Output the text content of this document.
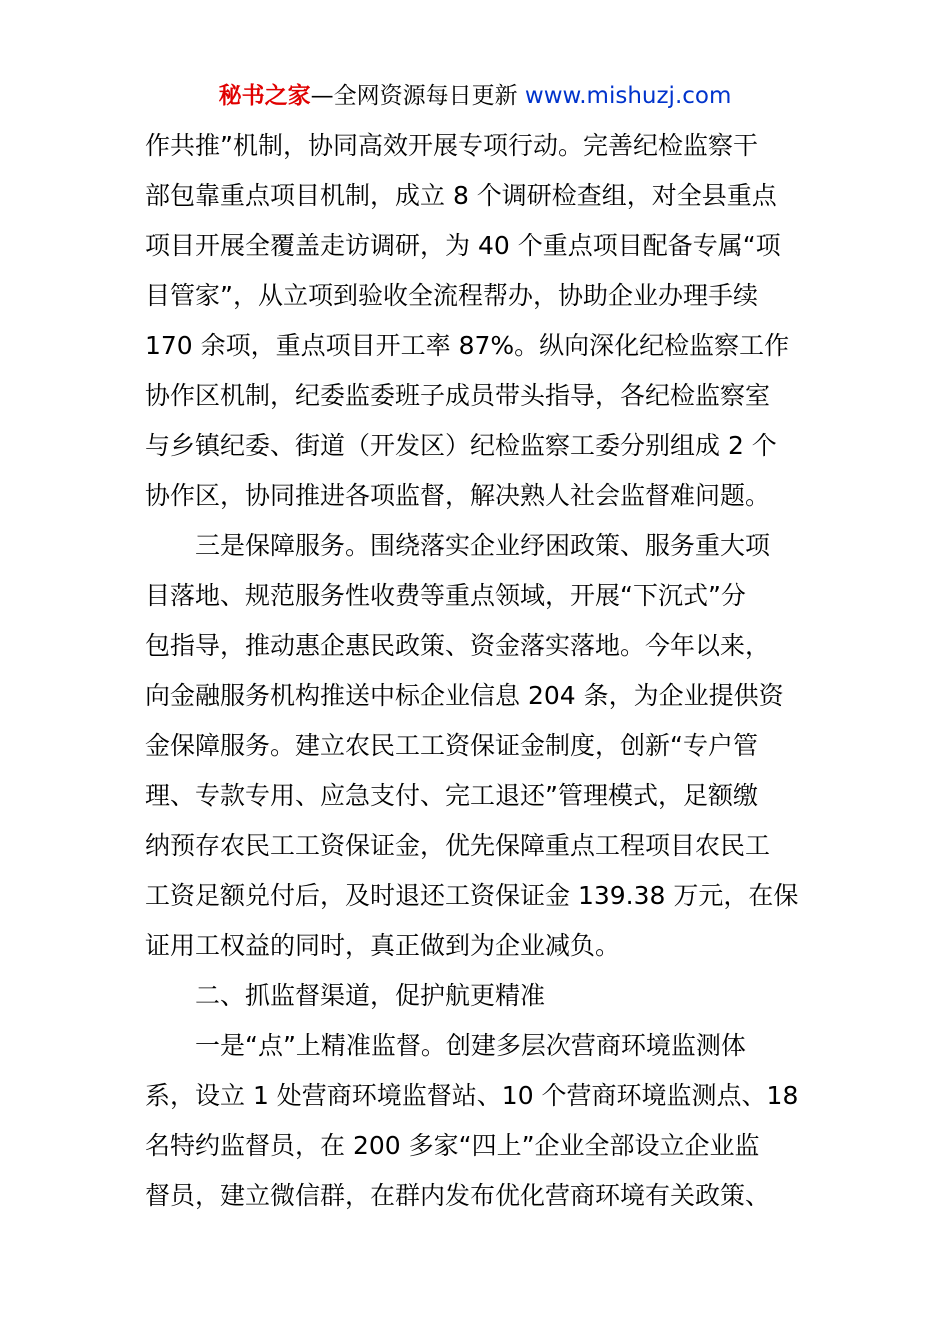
秘书之家—全网资源每日更新 www.mishuzj.com
作共推”机制，协同高效开展专项行动。完善纪检监察干
部包靠重点项目机制，成立 8 个调研检查组，对全县重点
项目开展全覆盖走访调研，为 40 个重点项目配备专属“项
目管家”，从立项到验收全流程帮办，协助企业办理手续
170 余项，重点项目开工率 87%。纵向深化纪检监察工作
协作区机制，纪委监委班子成员带头指导，各纪检监察室
与乡镇纪委、街道（开发区）纪检监察工委分别组成 2 个
协作区，协同推进各项监督，解决熟人社会监督难问题。
三是保障服务。围绕落实企业纾困政策、服务重大项
目落地、规范服务性收费等重点领域，开展“下沉式”分
包指导，推动惠企惠民政策、资金落实落地。今年以来，
向金融服务机构推送中标企业信息 204 条，为企业提供资
金保障服务。建立农民工工资保证金制度，创新“专户管
理、专款专用、应急支付、完工退还”管理模式，足额缴
纳预存农民工工资保证金，优先保障重点工程项目农民工
工资足额兑付后，及时退还工资保证金 139.38 万元，在保
证用工权益的同时，真正做到为企业减负。
二、抓监督渠道，促护航更精准
一是“点”上精准监督。创建多层次营商环境监测体
系，设立 1 处营商环境监督站、10 个营商环境监测点、18
名特约监督员，在 200 多家“四上”企业全部设立企业监
督员，建立微信群，在群内发布优化营商环境有关政策、
